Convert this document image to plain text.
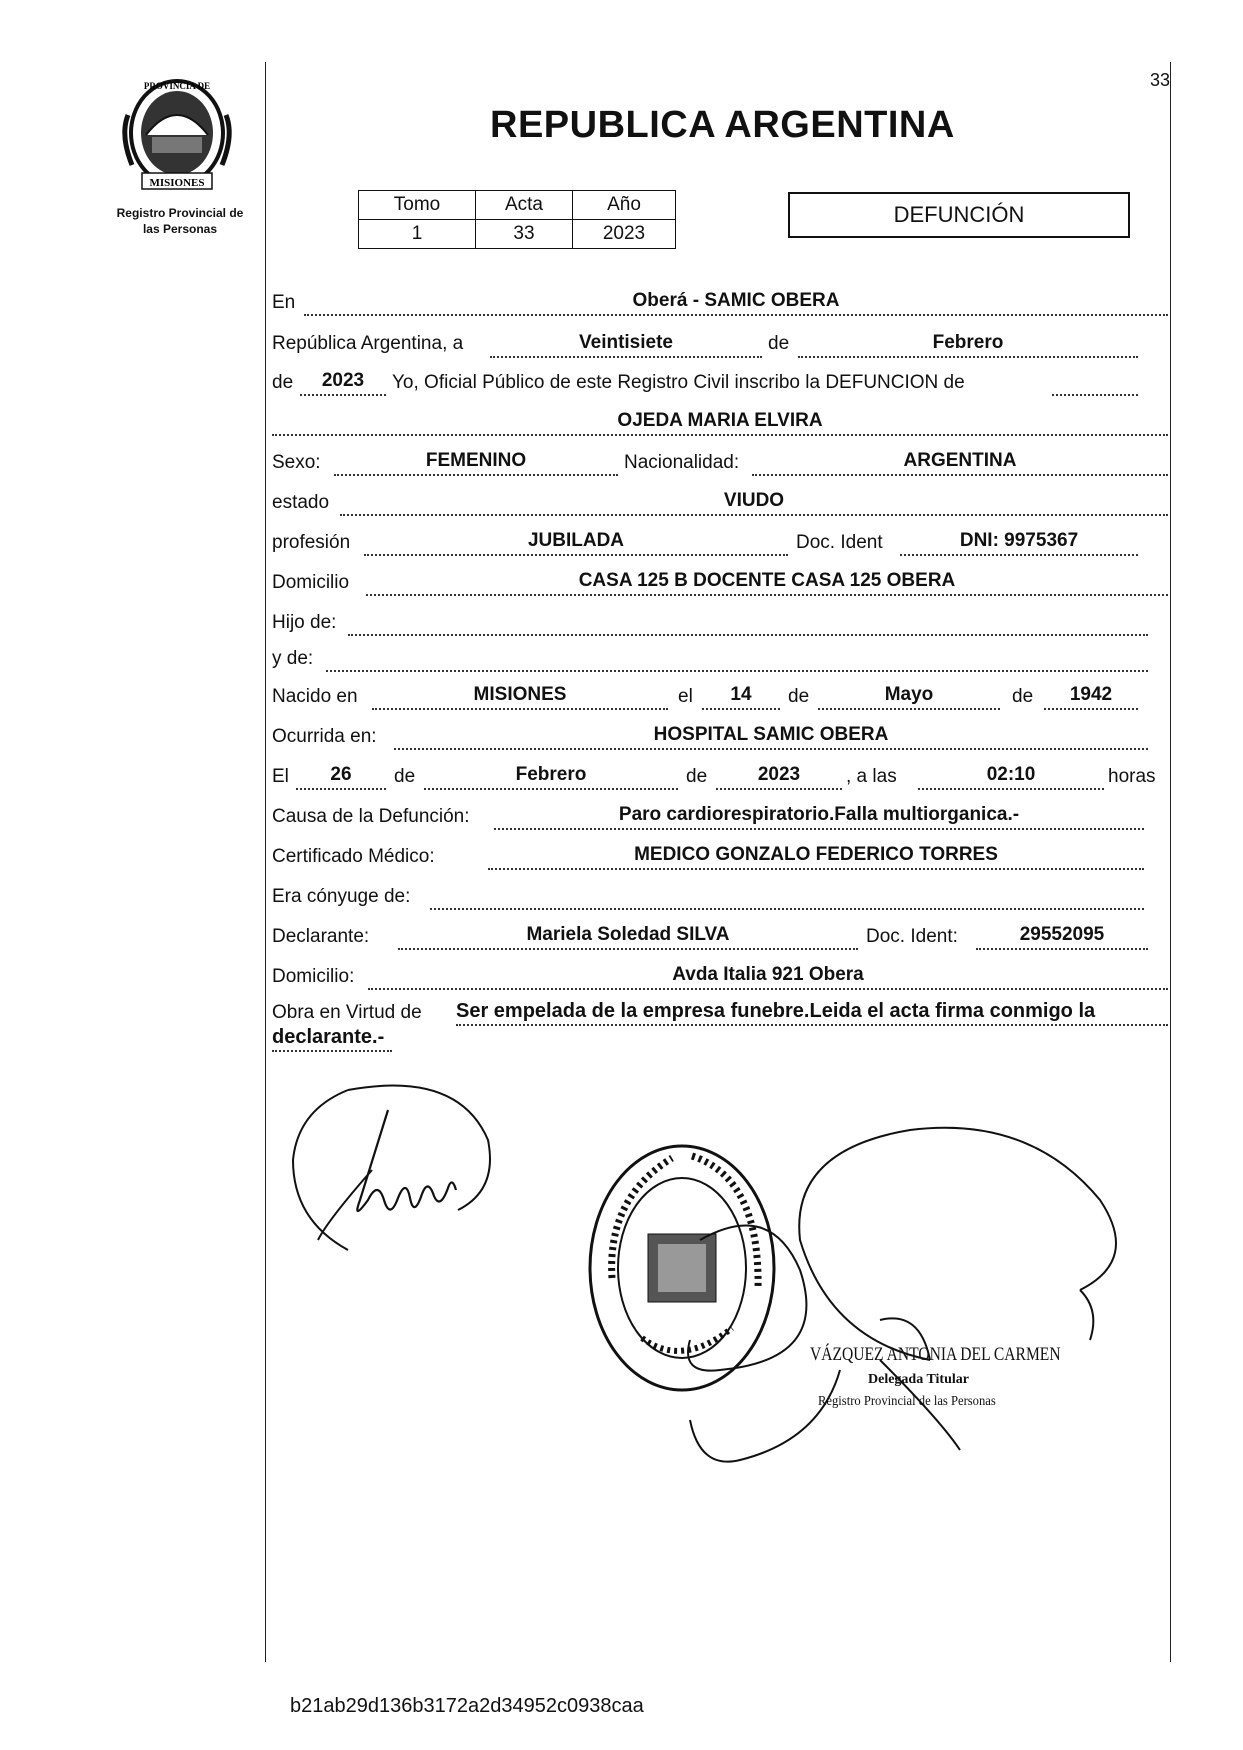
33
PROVINCIA DE
MISIONES
Registro Provincial de
las Personas
REPUBLICA ARGENTINA
Tomo	Acta	Año
1	33	2023
DEFUNCIÓN
En	Oberá - SAMIC OBERA
República Argentina, a	Veintisiete	de	Febrero
de	2023	Yo, Oficial Público de este Registro Civil inscribo la DEFUNCION de
OJEDA MARIA ELVIRA
Sexo:	FEMENINO	Nacionalidad:	ARGENTINA
estado	VIUDO
profesión	JUBILADA	Doc. Ident	DNI: 9975367
Domicilio	CASA 125 B DOCENTE CASA 125 OBERA
Hijo de:
y de:
Nacido en	MISIONES	el	14	de	Mayo	de	1942
Ocurrida en:	HOSPITAL SAMIC OBERA
El	26	de	Febrero	de	2023	, a las	02:10	horas
Causa de la Defunción:	Paro cardiorespiratorio.Falla multiorganica.-
Certificado Médico:	MEDICO GONZALO FEDERICO TORRES
Era cónyuge de:
Declarante:	Mariela Soledad SILVA	Doc. Ident:	29552095
Domicilio:	Avda Italia 921 Obera
Obra en Virtud de Ser empelada de la empresa funebre.Leida el acta firma conmigo la
declarante.-
VÁZQUEZ ANTONIA DEL CARMEN
Delegada Titular
Registro Provincial de las Personas
b21ab29d136b3172a2d34952c0938caa
